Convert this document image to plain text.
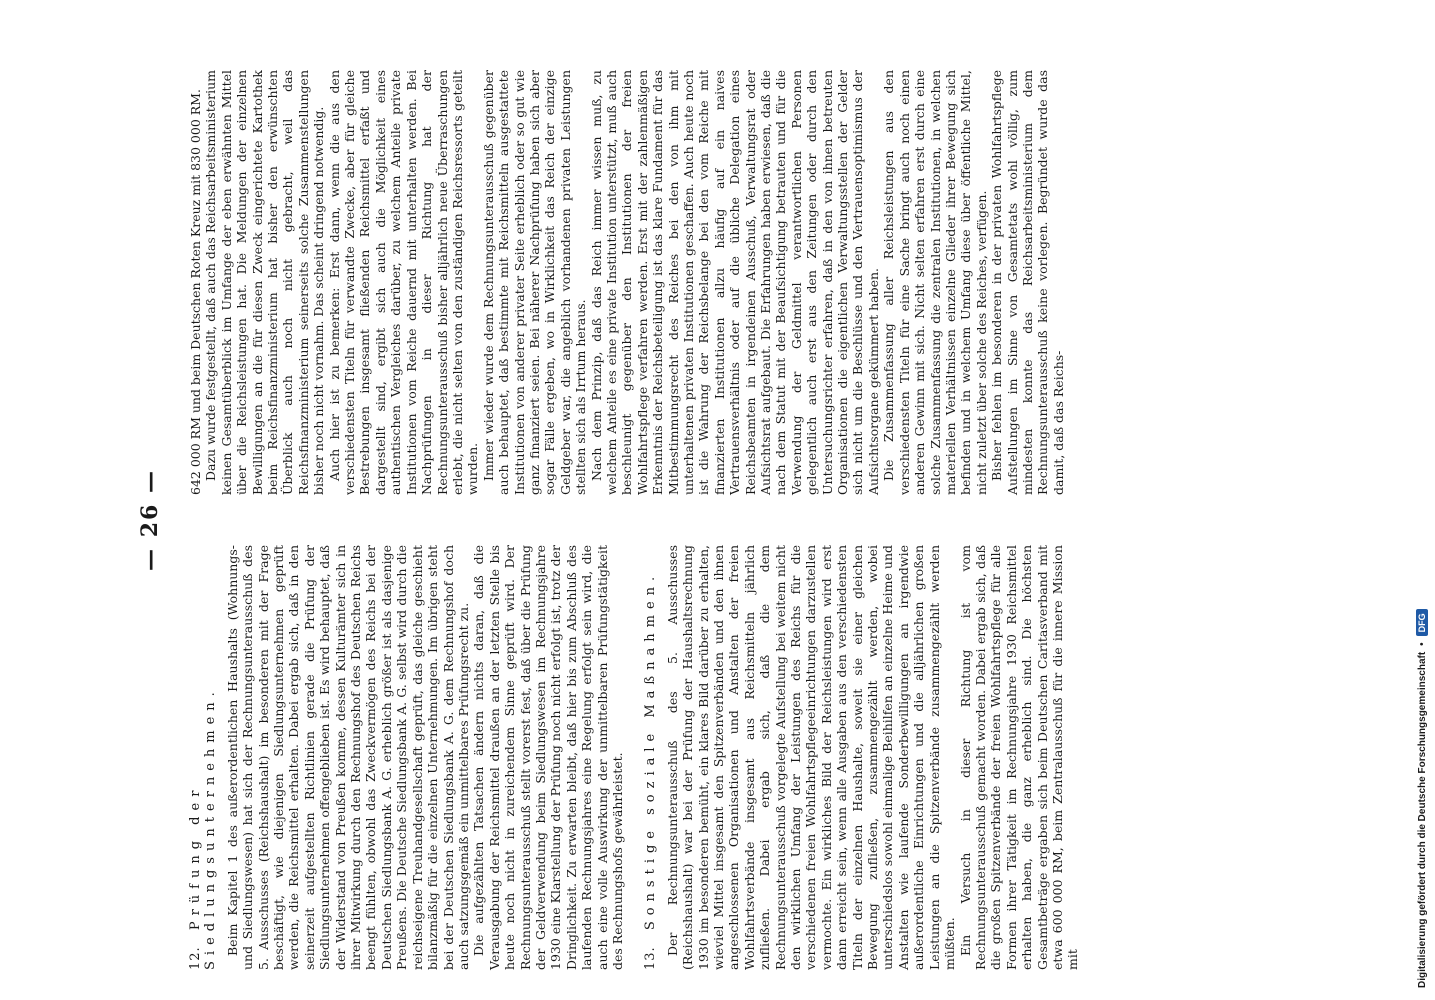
— 26 —
12. Prüfung der Siedlungsunternehmen. Beim Kapitel 1 des außerordentlichen Haushalts (Wohnungs- und Siedlungswesen) hat sich der Rechnungsunterausschuß des 5. Ausschusses (Reichshaushalt) im besonderen mit der Frage beschäftigt, wie diejenigen Siedlungsunternehmen geprüft werden, die Reichsmittel erhalten. Dabei ergab sich, daß in den seinerzeit aufgestellten Richtlinien gerade die Prüfung der Siedlungsunternehmen offengeblieben ist. Es wird behauptet, daß der Widerstand von Preußen komme, dessen Kulturämter sich in ihrer Mitwirkung durch den Rechnungshof des Deutschen Reichs beengt fühlten, obwohl das Zweckvermögen des Reichs bei der Deutschen Siedlungsbank A. G. erheblich größer ist als dasjenige Preußens. Die Deutsche Siedlungsbank A. G. selbst wird durch die reichseigene Treuhandgesellschaft geprüft, das gleiche geschieht bilanzmäßig für die einzelnen Unternehmungen. Im übrigen steht bei der Deutschen Siedlungsbank A. G. dem Rechnungshof doch auch satzungsgemäß ein unmittelbares Prüfungsrecht zu. Die aufgezählten Tatsachen ändern nichts daran, daß die Verausgabung der Reichsmittel draußen an der letzten Stelle bis heute noch nicht in zureichendem Sinne geprüft wird. Der Rechnungsunterausschuß stellt vorerst fest, daß über die Prüfung der Geldverwendung beim Siedlungswesen im Rechnungsjahre 1930 eine Klarstellung der Prüfung noch nicht erfolgt ist, trotz der Dringlichkeit. Zu erwarten bleibt, daß hier bis zum Abschluß des laufenden Rechnungsjahres eine Regelung erfolgt sein wird, die auch eine volle Auswirkung der unmittelbaren Prüfungstätigkeit des Rechnungshofs gewährleistet. 13. Sonstige soziale Maßnahmen. Der Rechnungsunterausschuß des 5. Ausschusses (Reichshaushalt) war bei der Prüfung der Haushaltsrechnung 1930 im besonderen bemüht, ein klares Bild darüber zu erhalten, wieviel Mittel insgesamt den Spitzenverbänden und den ihnen angeschlossenen Organisationen und Anstalten der freien Wohlfahrtsverbände insgesamt aus Reichsmitteln jährlich zufließen. Dabei ergab sich, daß die dem Rechnungsunterausschuß vorgelegte Aufstellung bei weitem nicht den wirklichen Umfang der Leistungen des Reichs für die verschiedenen freien Wohlfahrtspflegeeinrichtungen darzustellen vermochte. Ein wirkliches Bild der Reichsleistungen wird erst dann erreicht sein, wenn alle Ausgaben aus den verschiedensten Titeln der einzelnen Haushalte, soweit sie einer gleichen Bewegung zufließen, zusammengezählt werden, wobei unterschiedslos sowohl einmalige Beihilfen an einzelne Heime und Anstalten wie laufende Sonderbewilligungen an irgendwie außerordentliche Einrichtungen und die alljährlichen großen Leistungen an die Spitzenverbände zusammengezählt werden müßten. Ein Versuch in dieser Richtung ist vom Rechnungsunterausschuß gemacht worden. Dabei ergab sich, daß die großen Spitzenverbände der freien Wohlfahrtspflege für alle Formen ihrer Tätigkeit im Rechnungsjahre 1930 Reichsmittel erhalten haben, die ganz erheblich sind. Die höchsten Gesamtbeträge ergaben sich beim Deutschen Caritasverband mit etwa 600 000 RM, beim Zentralausschuß für die innere Mission mit

642 000 RM und beim Deutschen Roten Kreuz mit 830 000 RM. Dazu wurde festgestellt, daß auch das Reichsarbeitsministerium keinen Gesamtüberblick im Umfange der eben erwähnten Mittel über die Reichsleistungen hat. Die Meldungen der einzelnen Bewilligungen an die für diesen Zweck eingerichtete Kartothek beim Reichsfinanzministerium hat bisher den erwünschten Überblick auch noch nicht gebracht, weil das Reichsfinanzministerium seinerseits solche Zusammenstellungen bisher noch nicht vornahm. Das scheint dringend notwendig. Auch hier ist zu bemerken: Erst dann, wenn die aus den verschiedensten Titeln für verwandte Zwecke, aber für gleiche Bestrebungen insgesamt fließenden Reichsmittel erfaßt und dargestellt sind, ergibt sich auch die Möglichkeit eines authentischen Vergleiches darüber, zu welchem Anteile private Institutionen vom Reiche dauernd mit unterhalten werden. Bei Nachprüfungen in dieser Richtung hat der Rechnungsunterausschuß bisher alljährlich neue Überraschungen erlebt, die nicht selten von den zuständigen Reichsressorts geteilt wurden. Immer wieder wurde dem Rechnungsunterausschuß gegenüber auch behauptet, daß bestimmte mit Reichsmitteln ausgestattete Institutionen von anderer privater Seite erheblich oder so gut wie ganz finanziert seien. Bei näherer Nachprüfung haben sich aber sogar Fälle ergeben, wo in Wirklichkeit das Reich der einzige Geldgeber war, die angeblich vorhandenen privaten Leistungen stellten sich als Irrtum heraus. Nach dem Prinzip, daß das Reich immer wissen muß, zu welchem Anteile es eine private Institution unterstützt, muß auch beschleunigt gegenüber den Institutionen der freien Wohlfahrtspflege verfahren werden. Erst mit der zahlenmäßigen Erkenntnis der Reichsbeteiligung ist das klare Fundament für das Mitbestimmungsrecht des Reiches bei den von ihm mit unterhaltenen privaten Institutionen geschaffen. Auch heute noch ist die Wahrung der Reichsbelange bei den vom Reiche mit finanzierten Institutionen allzu häufig auf ein naives Vertrauensverhältnis oder auf die übliche Delegation eines Reichsbeamten in irgendeinen Ausschuß, Verwaltungsrat oder Aufsichtsrat aufgebaut. Die Erfahrungen haben erwiesen, daß die nach dem Statut mit der Beaufsichtigung betrauten und für die Verwendung der Geldmittel verantwortlichen Personen gelegentlich auch erst aus den Zeitungen oder durch den Untersuchungsrichter erfahren, daß in den von ihnen betreuten Organisationen die eigentlichen Verwaltungsstellen der Gelder sich nicht um die Beschlüsse und den Vertrauensoptimismus der Aufsichtsorgane gekümmert haben. Die Zusammenfassung aller Reichsleistungen aus den verschiedensten Titeln für eine Sache bringt auch noch einen anderen Gewinn mit sich. Nicht selten erfahren erst durch eine solche Zusammenfassung die zentralen Institutionen, in welchen materiellen Verhältnissen einzelne Glieder ihrer Bewegung sich befinden und in welchem Umfang diese über öffentliche Mittel, nicht zuletzt über solche des Reiches, verfügen. Bisher fehlen im besonderen in der privaten Wohlfahrtspflege Aufstellungen im Sinne von Gesamtetats wohl völlig, zum mindesten konnte das Reichsarbeitsministerium dem Rechnungsunterausschuß keine vorlegen. Begründet wurde das damit, daß das Reichs-

Digitalisierung gefördert durch die Deutsche Forschungsgemeinschaft
•
DFG
